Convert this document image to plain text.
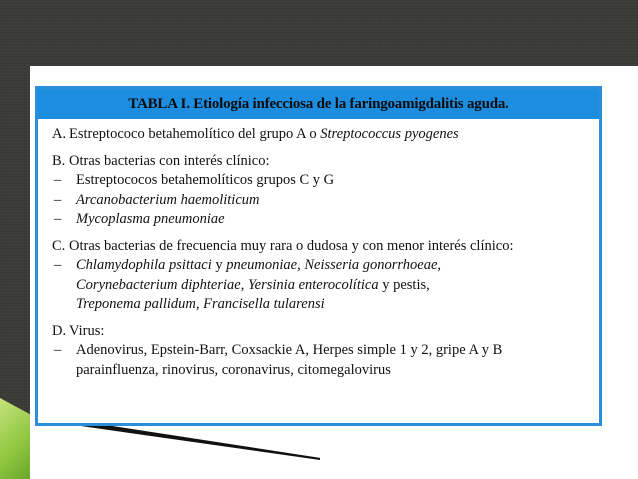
TABLA I. Etiología infecciosa de la faringoamigdalitis aguda.
A. Estreptococo betahemolítico del grupo A o Streptococcus pyogenes
B. Otras bacterias con interés clínico:
–	Estreptococos betahemolíticos grupos C y G
–	Arcanobacterium haemoliticum
–	Mycoplasma pneumoniae
C. Otras bacterias de frecuencia muy rara o dudosa y con menor interés clínico:
–	Chlamydophila psittaci y pneumoniae, Neisseria gonorrhoeae,
Corynebacterium diphteriae, Yersinia enterocolítica y pestis,
Treponema pallidum, Francisella tularensi
D. Virus:
–	Adenovirus, Epstein-Barr, Coxsackie A, Herpes simple 1 y 2, gripe A y B
parainfluenza, rinovirus, coronavirus, citomegalovirus
